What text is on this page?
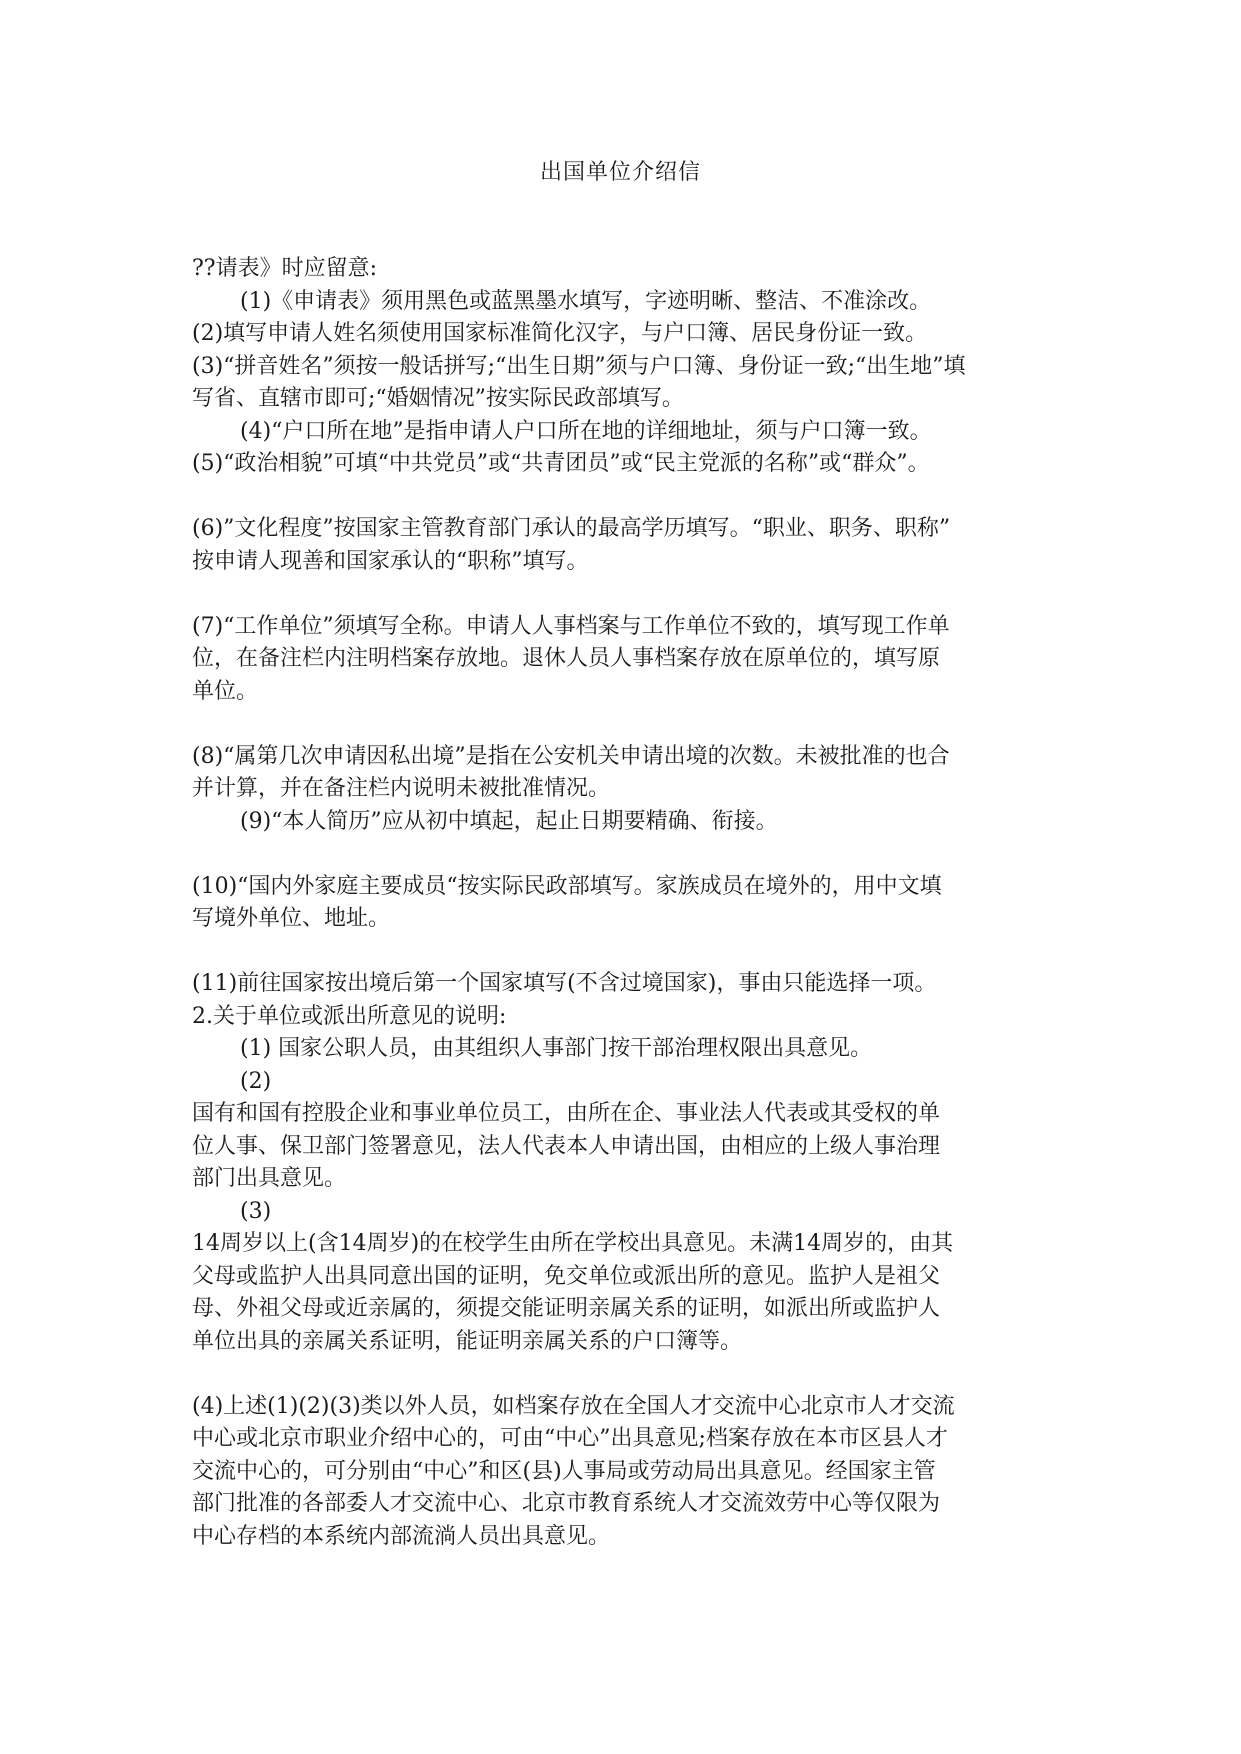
出国单位介绍信
??请表》时应留意:
(1)《申请表》须用黑色或蓝黑墨水填写，字迹明晰、整洁、不准涂改。
(2)填写申请人姓名须使用国家标准简化汉字，与户口簿、居民身份证一致。
(3)“拼音姓名”须按一般话拼写;“出生日期”须与户口簿、身份证一致;“出生地”填
写省、直辖市即可;“婚姻情况”按实际民政部填写。
(4)“户口所在地”是指申请人户口所在地的详细地址，须与户口簿一致。
(5)“政治相貌”可填“中共党员”或“共青团员”或“民主党派的名称”或“群众”。
(6)”文化程度”按国家主管教育部门承认的最高学历填写。“职业、职务、职称”
按申请人现善和国家承认的“职称”填写。
(7)“工作单位”须填写全称。申请人人事档案与工作单位不致的，填写现工作单
位，在备注栏内注明档案存放地。退休人员人事档案存放在原单位的，填写原
单位。
(8)“属第几次申请因私出境”是指在公安机关申请出境的次数。未被批准的也合
并计算，并在备注栏内说明未被批准情况。
(9)“本人简历”应从初中填起，起止日期要精确、衔接。
(10)“国内外家庭主要成员“按实际民政部填写。家族成员在境外的，用中文填
写境外单位、地址。
(11)前往国家按出境后第一个国家填写(不含过境国家)，事由只能选择一项。
2.关于单位或派出所意见的说明:
(1) 国家公职人员，由其组织人事部门按干部治理权限出具意见。
(2)
国有和国有控股企业和事业单位员工，由所在企、事业法人代表或其受权的单
位人事、保卫部门签署意见，法人代表本人申请出国，由相应的上级人事治理
部门出具意见。
(3)
14周岁以上(含14周岁)的在校学生由所在学校出具意见。未满14周岁的，由其
父母或监护人出具同意出国的证明，免交单位或派出所的意见。监护人是祖父
母、外祖父母或近亲属的，须提交能证明亲属关系的证明，如派出所或监护人
单位出具的亲属关系证明，能证明亲属关系的户口簿等。
(4)上述(1)(2)(3)类以外人员，如档案存放在全国人才交流中心北京市人才交流
中心或北京市职业介绍中心的，可由“中心”出具意见;档案存放在本市区县人才
交流中心的，可分别由“中心”和区(县)人事局或劳动局出具意见。经国家主管
部门批准的各部委人才交流中心、北京市教育系统人才交流效劳中心等仅限为
中心存档的本系统内部流淌人员出具意见。
